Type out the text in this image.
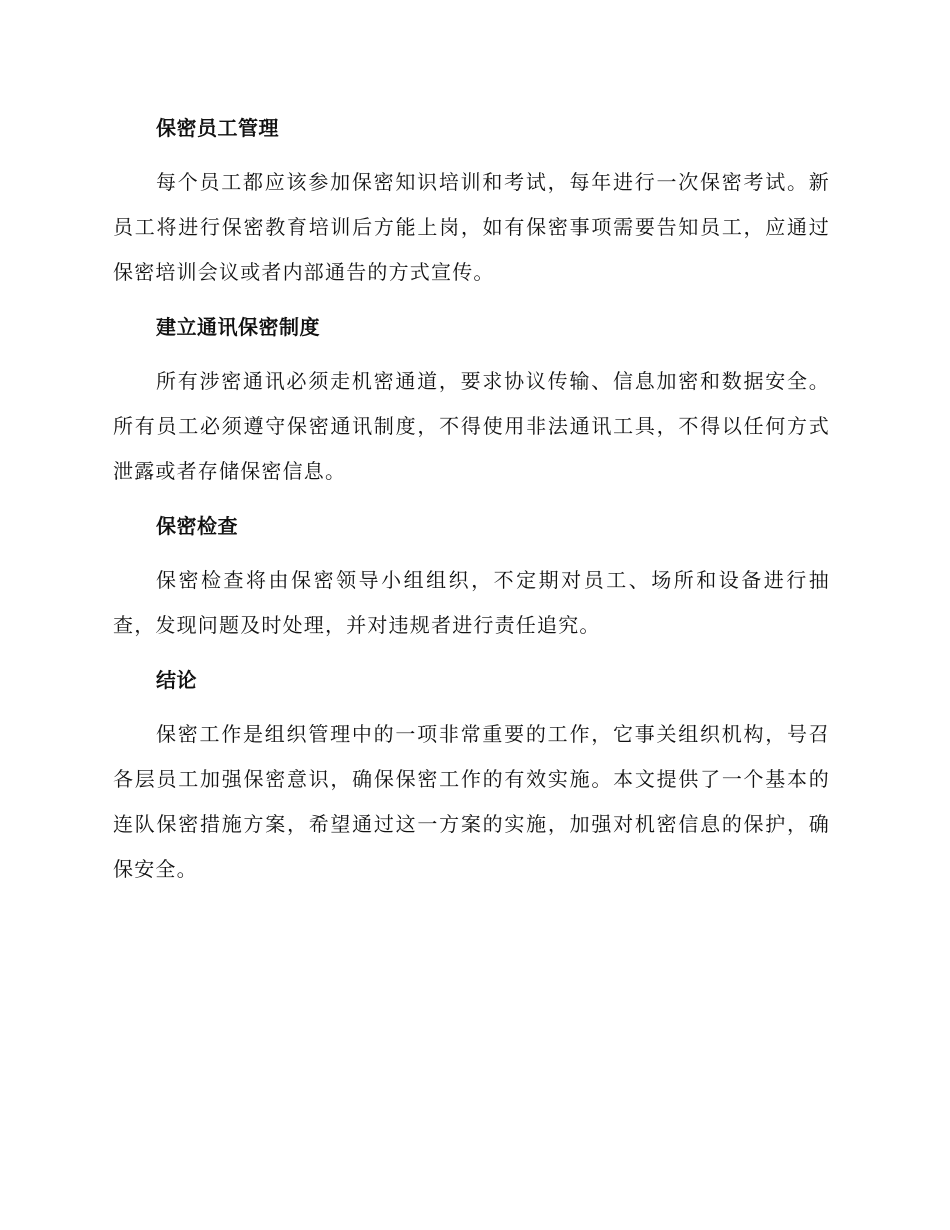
保密员工管理

每个员工都应该参加保密知识培训和考试，每年进行一次保密考试。新员工将进行保密教育培训后方能上岗，如有保密事项需要告知员工，应通过保密培训会议或者内部通告的方式宣传。

建立通讯保密制度

所有涉密通讯必须走机密通道，要求协议传输、信息加密和数据安全。所有员工必须遵守保密通讯制度，不得使用非法通讯工具，不得以任何方式泄露或者存储保密信息。

保密检查

保密检查将由保密领导小组组织，不定期对员工、场所和设备进行抽查，发现问题及时处理，并对违规者进行责任追究。

结论

保密工作是组织管理中的一项非常重要的工作，它事关组织机构，号召各层员工加强保密意识，确保保密工作的有效实施。本文提供了一个基本的连队保密措施方案，希望通过这一方案的实施，加强对机密信息的保护，确保安全。
